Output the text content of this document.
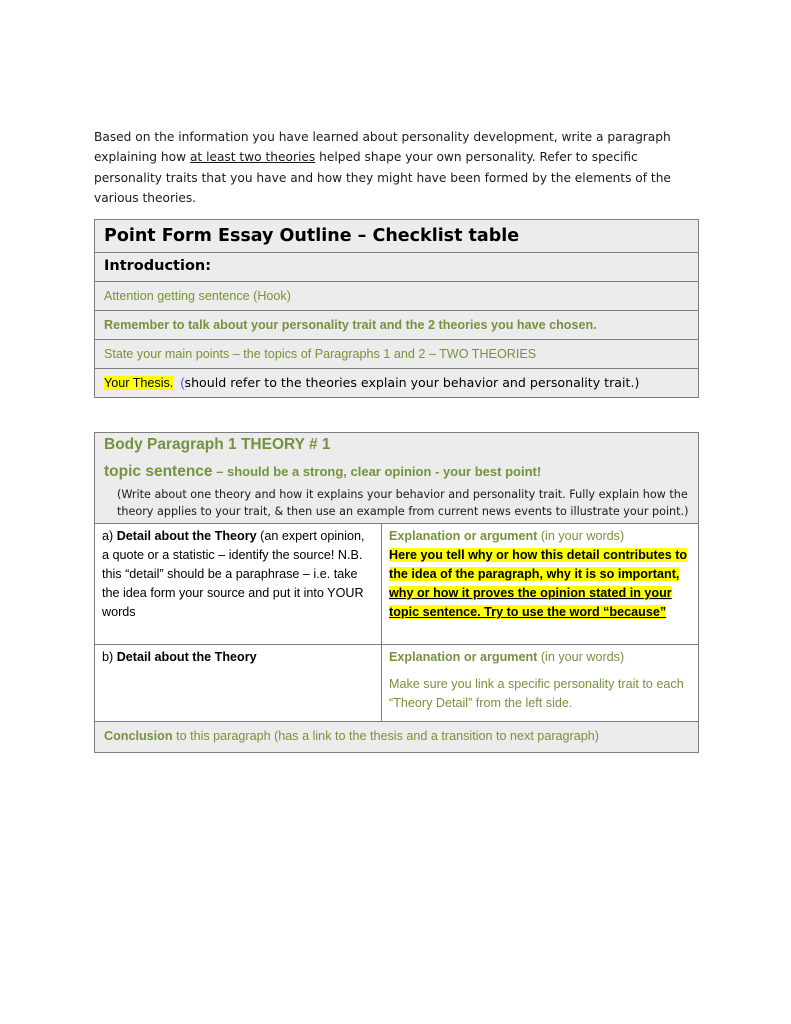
Based on the information you have learned about personality development, write a paragraph explaining how at least two theories helped shape your own personality. Refer to specific personality traits that you have and how they might have been formed by the elements of the various theories.
Point Form Essay Outline – Checklist table
Introduction:
Attention getting sentence (Hook)
Remember to talk about your personality trait and the 2 theories you have chosen.
State your main points – the topics of Paragraphs 1 and 2 – TWO THEORIES
Your Thesis. (should refer to the theories explain your behavior and personality trait.)
Body Paragraph 1 THEORY # 1
topic sentence – should be a strong, clear opinion - your best point!
(Write about one theory and how it explains your behavior and personality trait. Fully explain how the theory applies to your trait, & then use an example from current news events to illustrate your point.)	

a) Detail about the Theory (an expert opinion, a quote or a statistic – identify the source! N.B. this “detail” should be a paraphrase – i.e. take the idea form your source and put it into YOUR words	Explanation or argument (in your words)
Here you tell why or how this detail contributes to the idea of the paragraph, why it is so important, why or how it proves the opinion stated in your topic sentence. Try to use the word “because”
b) Detail about the Theory	Explanation or argument (in your words)
Make sure you link a specific personality trait to each “Theory Detail” from the left side.

Conclusion to this paragraph (has a link to the thesis and a transition to next paragraph)	
